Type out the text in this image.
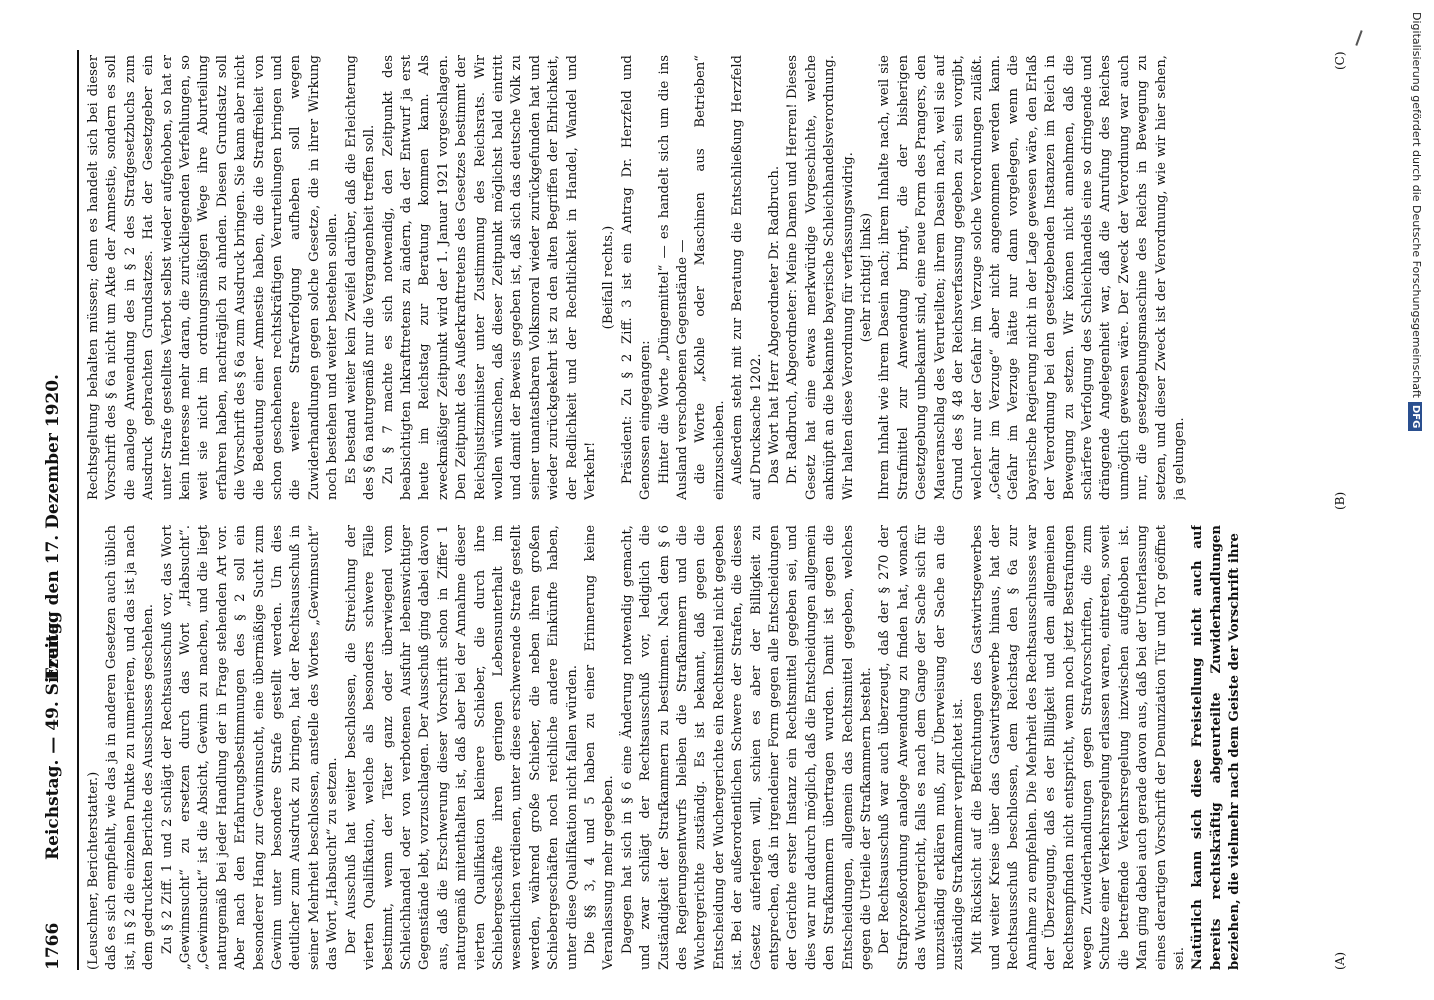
1766
Reichstag. — 49. Sitzung.
Freitag den 17. Dezember 1920.

(Leuschner, Berichterstatter.) daß es sich empfiehlt, wie das ja in anderen Gesetzen auch üblich ist, in § 2 die einzelnen Punkte zu numerieren, und das ist ja nach dem gedruckten Berichte des Ausschusses geschehen. Zu § 2 Ziff. 1 und 2 schlägt der Rechtsausschuß vor, das Wort „Gewinnsucht“ zu ersetzen durch das Wort „Habsucht“. „Gewinnsucht“ ist die Absicht, Gewinn zu machen, und die liegt naturgemäß bei jeder Handlung der in Frage stehenden Art vor. Aber nach den Erfahrungsbestimmungen des § 2 soll ein besonderer Hang zur Gewinnsucht, eine übermäßige Sucht zum Gewinn unter besondere Strafe gestellt werden. Um dies deutlicher zum Ausdruck zu bringen, hat der Rechtsausschuß in seiner Mehrheit beschlossen, anstelle des Wortes „Gewinnsucht“ das Wort „Habsucht“ zu setzen. Der Ausschuß hat weiter beschlossen, die Streichung der vierten Qualifikation, welche als besonders schwere Fälle bestimmt, wenn der Täter ganz oder überwiegend vom Schleichhandel oder von verbotenen Ausfuhr lebenswichtiger Gegenstände lebt, vorzuschlagen. Der Ausschuß ging dabei davon aus, daß die Erschwerung dieser Vorschrift schon in Ziffer 1 naturgemäß mitenthalten ist, daß aber bei der Annahme dieser vierten Qualifikation kleinere Schieber, die durch ihre Schiebergeschäfte ihren geringen Lebensunterhalt im wesentlichen verdienen, unter diese erschwerende Strafe gestellt werden, während große Schieber, die neben ihren großen Schiebergeschäften noch reichliche andere Einkünfte haben, unter diese Qualifikation nicht fallen würden. Die §§ 3, 4 und 5 haben zu einer Erinnerung keine Veranlassung mehr gegeben. Dagegen hat sich in § 6 eine Änderung notwendig gemacht, und zwar schlägt der Rechtsausschuß vor, lediglich die Zuständigkeit der Strafkammern zu bestimmen. Nach dem § 6 des Regierungsentwurfs bleiben die Strafkammern und die Wuchergerichte zuständig. Es ist bekannt, daß gegen die Entscheidung der Wuchergerichte ein Rechtsmittel nicht gegeben ist. Bei der außerordentlichen Schwere der Strafen, die dieses Gesetz auferlegen will, schien es aber der Billigkeit zu entsprechen, daß in irgendeiner Form gegen alle Entscheidungen der Gerichte erster Instanz ein Rechtsmittel gegeben sei, und dies war nur dadurch möglich, daß die Entscheidungen allgemein den Strafkammern übertragen wurden. Damit ist gegen die Entscheidungen, allgemein das Rechtsmittel gegeben, welches gegen die Urteile der Strafkammern besteht. Der Rechtsausschuß war auch überzeugt, daß der § 270 der Strafprozeßordnung analoge Anwendung zu finden hat, wonach das Wuchergericht, falls es nach dem Gange der Sache sich für unzuständig erklären muß, zur Überweisung der Sache an die zuständige Strafkammer verpflichtet ist. Mit Rücksicht auf die Befürchtungen des Gastwirtsgewerbes und weiter Kreise über das Gastwirtsgewerbe hinaus, hat der Rechtsausschuß beschlossen, dem Reichstag den § 6a zur Annahme zu empfehlen. Die Mehrheit des Rechtsausschusses war der Überzeugung, daß es der Billigkeit und dem allgemeinen Rechtsempfinden nicht entspricht, wenn noch jetzt Bestrafungen wegen Zuwiderhandlungen gegen Strafvorschriften, die zum Schutze einer Verkehrsregelung erlassen waren, eintreten, soweit die betreffende Verkehrsregelung inzwischen aufgehoben ist. Man ging dabei auch gerade davon aus, daß bei der Unterlassung eines derartigen Vorschrift der Denunziation Tür und Tor geöffnet sei. Natürlich kann sich diese Freistellung nicht auch auf bereits rechtskräftig abgeurteilte Zuwiderhandlungen beziehen, die vielmehr nach dem Geiste der Vorschrift ihre

Rechtsgeltung behalten müssen; denn es handelt sich bei dieser Vorschrift des § 6a nicht um Akte der Amnestie, sondern es soll die analoge Anwendung des in § 2 des Strafgesetzbuchs zum Ausdruck gebrachten Grundsatzes. Hat der Gesetzgeber ein unter Strafe gestelltes Verbot selbst wieder aufgehoben, so hat er kein Interesse mehr daran, die zurückliegenden Verfehlungen, so weit sie nicht im ordnungsmäßigen Wege ihre Aburteilung erfahren haben, nachträglich zu ahnden. Diesen Grundsatz soll die Vorschrift des § 6a zum Ausdruck bringen. Sie kann aber nicht die Bedeutung einer Amnestie haben, die die Straffreiheit von schon geschehenen rechtskräftigen Verurteilungen bringen und die weitere Strafverfolgung aufheben soll wegen Zuwiderhandlungen gegen solche Gesetze, die in ihrer Wirkung noch bestehen und weiter bestehen sollen. Es bestand weiter kein Zweifel darüber, daß die Erleichterung des § 6a naturgemäß nur die Vergangenheit treffen soll. Zu § 7 machte es sich notwendig, den Zeitpunkt des beabsichtigten Inkrafttretens zu ändern, da der Entwurf ja erst heute im Reichstag zur Beratung kommen kann. Als zweckmäßiger Zeitpunkt wird der 1. Januar 1921 vorgeschlagen. Den Zeitpunkt des Außerkrafttretens des Gesetzes bestimmt der Reichsjustizminister unter Zustimmung des Reichsrats. Wir wollen wünschen, daß dieser Zeitpunkt möglichst bald eintritt und damit der Beweis gegeben ist, daß sich das deutsche Volk zu seiner unantastbaren Volksmoral wieder zurückgefunden hat und wieder zurückgekehrt ist zu den alten Begriffen der Ehrlichkeit, der Redlichkeit und der Rechtlichkeit in Handel, Wandel und Verkehr!

(Beifall rechts.) Präsident: Zu § 2 Ziff. 3 ist ein Antrag Dr. Herzfeld und Genossen eingegangen: Hinter die Worte „Düngemittel“ — es handelt sich um die ins Ausland verschobenen Gegenstände — die Worte „Kohle oder Maschinen aus Betrieben“ einzuschieben. Außerdem steht mit zur Beratung die Entschließung Herzfeld auf Drucksache 1202. Das Wort hat Herr Abgeordneter Dr. Radbruch. Dr. Radbruch, Abgeordneter: Meine Damen und Herren! Dieses Gesetz hat eine etwas merkwürdige Vorgeschichte, welche anknüpft an die bekannte bayerische Schleichhandelsverordnung. Wir halten diese Verordnung für verfassungswidrig. (sehr richtig! links) Ihrem Inhalt wie ihrem Dasein nach; ihrem Inhalte nach, weil sie Strafmittel zur Anwendung bringt, die der bisherigen Gesetzgebung unbekannt sind, eine neue Form des Prangers, den Maueranschlag des Verurteilten; ihrem Dasein nach, weil sie auf Grund des § 48 der Reichsverfassung gegeben zu sein vorgibt, welcher nur der Gefahr im Verzuge solche Verordnungen zuläßt. „Gefahr im Verzuge“ aber nicht angenommen werden kann. Gefahr im Verzuge hätte nur dann vorgelegen, wenn die bayerische Regierung nicht in der Lage gewesen wäre, den Erlaß der Verordnung bei den gesetzgebenden Instanzen im Reich in Bewegung zu setzen. Wir können nicht annehmen, daß die schärfere Verfolgung des Schleichhandels eine so dringende und drängende Angelegenheit war, daß die Anrufung des Reiches unmöglich gewesen wäre. Der Zweck der Verordnung war auch nur, die gesetzgebungsmaschine des Reichs in Bewegung zu setzen, und dieser Zweck ist der Verordnung, wie wir hier sehen, ja gelungen.

(A)
(B)
(C)	Digitalisierung gefördert durch die Deutsche ForschungsgemeinschaftDFG
